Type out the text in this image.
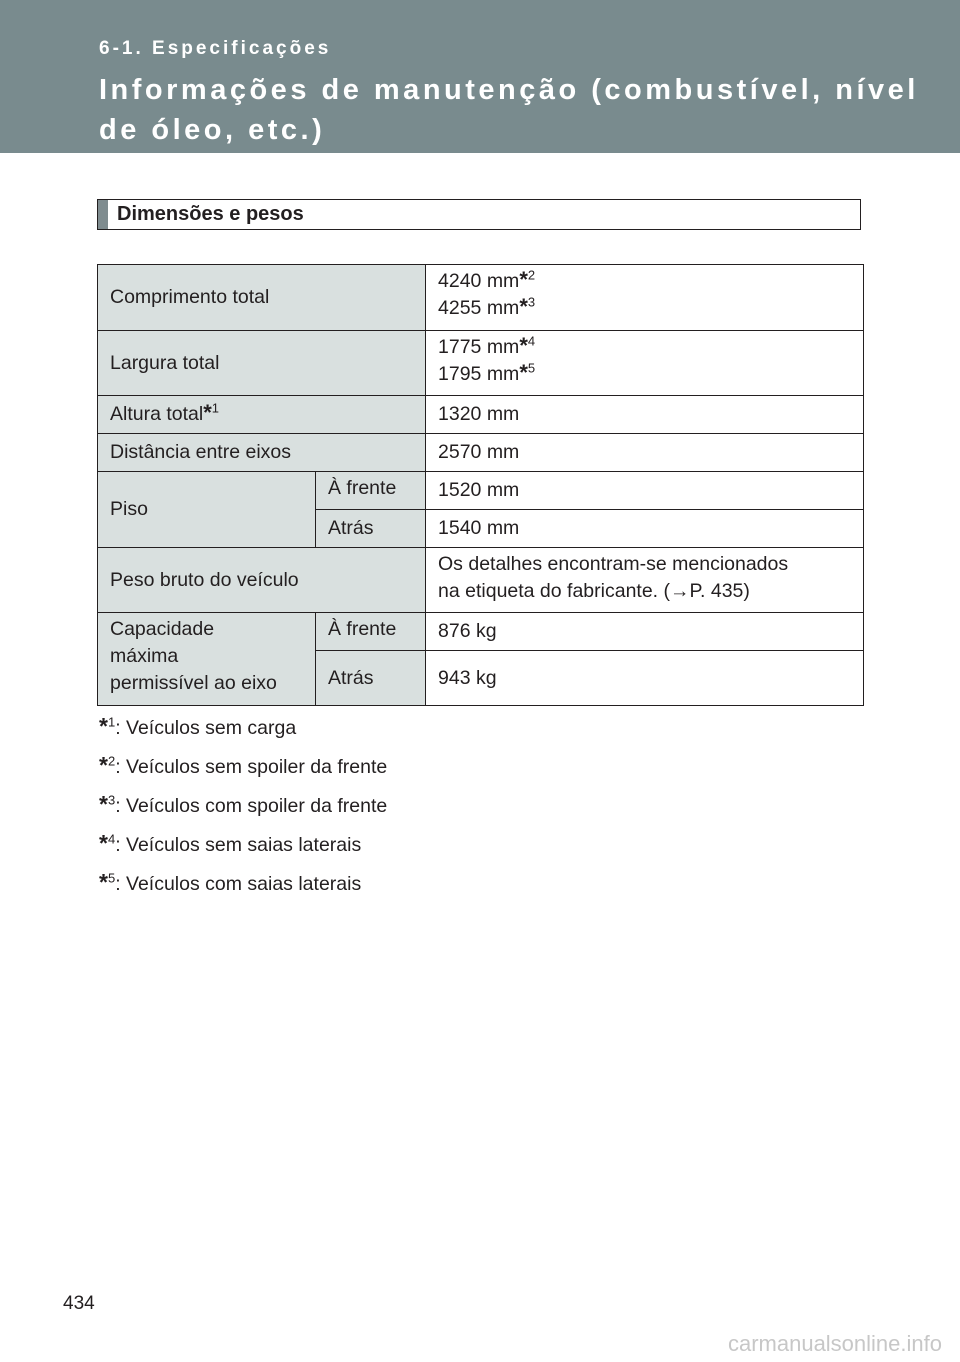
6-1. Especificações
Informações de manutenção (combustível, nível de óleo, etc.)
Dimensões e pesos
Comprimento total		4240 mm*$^2$
4255 mm*$^3$
Largura total		1775 mm*$^4$
1795 mm*$^5$
Altura total*$^1$		1320 mm
Distância entre eixos		2570 mm
Piso	À frente	1520 mm
	Atrás	1540 mm
Peso bruto do veículo		Os detalhes encontram-se mencionados
na etiqueta do fabricante. (→P. 435)
Capacidade
máxima
permissível ao eixo	À frente	876 kg
	Atrás	943 kg
*$^1$: Veículos sem carga
*$^2$: Veículos sem spoiler da frente
*$^3$: Veículos com spoiler da frente
*$^4$: Veículos sem saias laterais
*$^5$: Veículos com saias laterais
434
carmanualsonline.info
